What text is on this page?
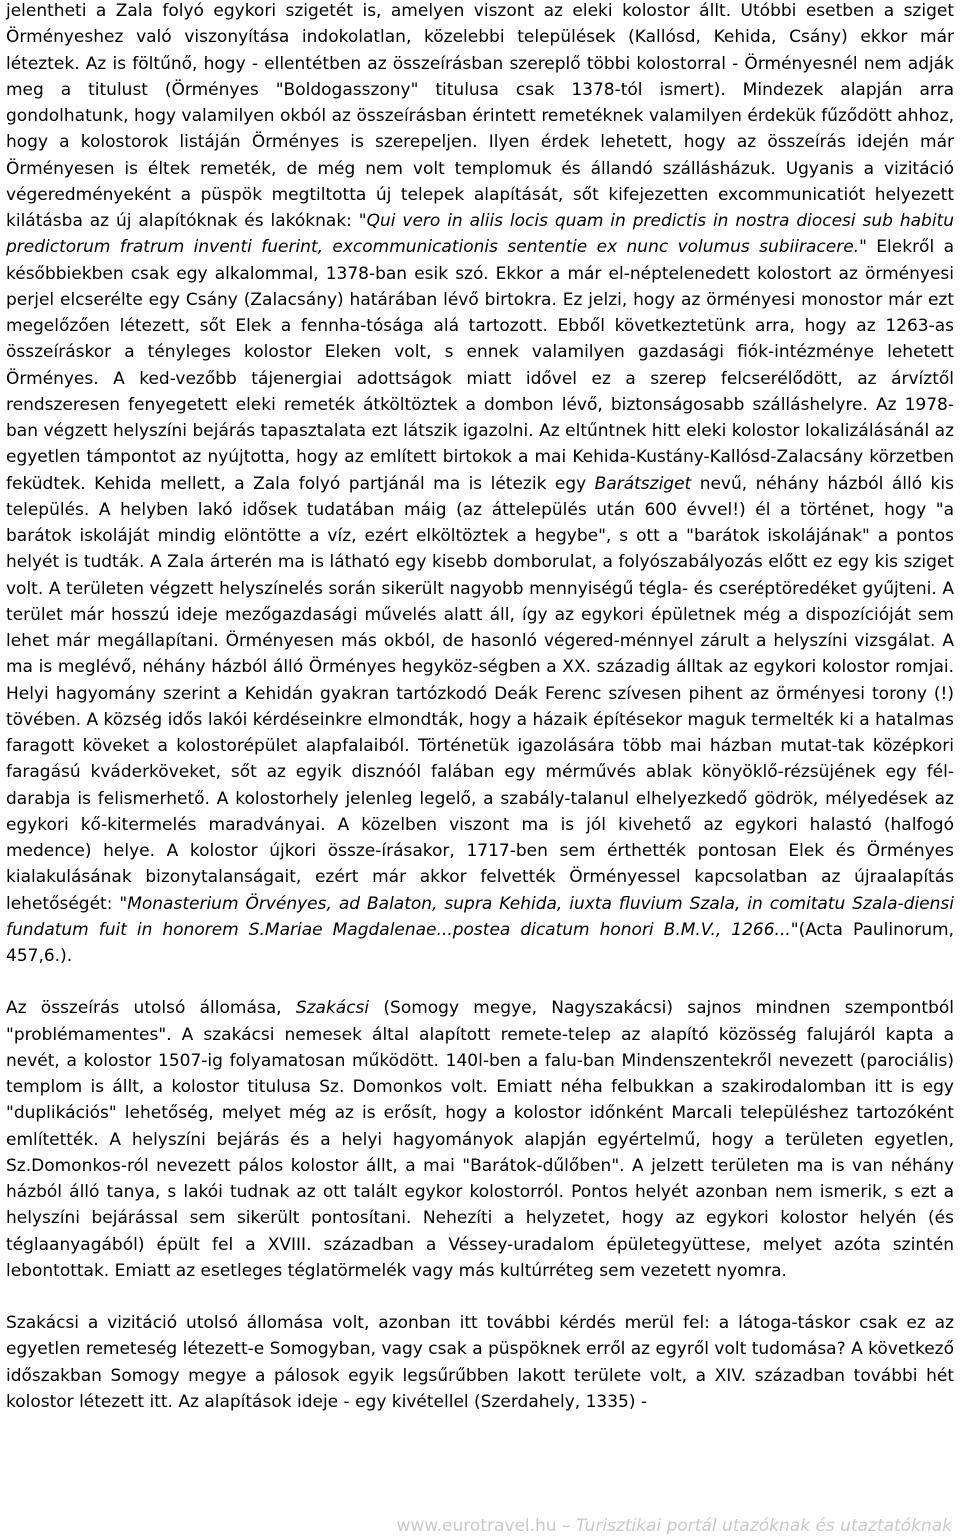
jelentheti a Zala folyó egykori szigetét is, amelyen viszont az eleki kolostor állt. Utóbbi esetben a sziget Örményeshez való viszonyítása indokolatlan, közelebbi települések (Kallósd, Kehida, Csány) ekkor már léteztek. Az is föltűnő, hogy - ellentétben az összeírásban szereplő többi kolostorral - Örményesnél nem adják meg a titulust (Örményes "Boldogasszony" titulusa csak 1378-tól ismert). Mindezek alapján arra gondolhatunk, hogy valamilyen okból az összeírásban érintett remetéknek valamilyen érdekük fűződött ahhoz, hogy a kolostorok listáján Örményes is szerepeljen. Ilyen érdek lehetett, hogy az összeírás idején már Örményesen is éltek remeték, de még nem volt templomuk és állandó szállásházuk. Ugyanis a vizitáció végeredményeként a püspök megtiltotta új telepek alapítását, sőt kifejezetten excommunicatiót helyezett kilátásba az új alapítóknak és lakóknak: "Qui vero in aliis locis quam in predictis in nostra diocesi sub habitu predictorum fratrum inventi fuerint, excommunicationis sententie ex nunc volumus subiiracere." Elekről a későbbiekben csak egy alkalommal, 1378-ban esik szó. Ekkor a már el-néptelenedett kolostort az örményesi perjel elcserélte egy Csány (Zalacsány) határában lévő birtokra. Ez jelzi, hogy az örményesi monostor már ezt megelőzően létezett, sőt Elek a fennha-tósága alá tartozott. Ebből következtetünk arra, hogy az 1263-as összeíráskor a tényleges kolostor Eleken volt, s ennek valamilyen gazdasági fiók-intézménye lehetett Örményes. A ked-vezőbb tájenergiai adottságok miatt idővel ez a szerep felcserélődött, az árvíztől rendszeresen fenyegetett eleki remeték átköltöztek a dombon lévő, biztonságosabb szálláshelyre. Az 1978-ban végzett helyszíni bejárás tapasztalata ezt látszik igazolni. Az eltűntnek hitt eleki kolostor lokalizálásánál az egyetlen támpontot az nyújtotta, hogy az említett birtokok a mai Kehida-Kustány-Kallósd-Zalacsány körzetben feküdtek. Kehida mellett, a Zala folyó partjánál ma is létezik egy Barátsziget nevű, néhány házból álló kis település. A helyben lakó idősek tudatában máig (az áttelepülés után 600 évvel!) él a történet, hogy "a barátok iskoláját mindig elöntötte a víz, ezért elköltöztek a hegybe", s ott a "barátok iskolájának" a pontos helyét is tudták. A Zala árterén ma is látható egy kisebb domborulat, a folyószabályozás előtt ez egy kis sziget volt. A területen végzett helyszínelés során sikerült nagyobb mennyiségű tégla- és cseréptöredéket gyűjteni. A terület már hosszú ideje mezőgazdasági művelés alatt áll, így az egykori épületnek még a dispozícióját sem lehet már megállapítani. Örményesen más okból, de hasonló végered-ménnyel zárult a helyszíni vizsgálat. A ma is meglévő, néhány házból álló Örményes hegyköz-ségben a XX. századig álltak az egykori kolostor romjai. Helyi hagyomány szerint a Kehidán gyakran tartózkodó Deák Ferenc szívesen pihent az örményesi torony (!) tövében. A község idős lakói kérdéseinkre elmondták, hogy a házaik építésekor maguk termelték ki a hatalmas faragott köveket a kolostorépület alapfalaiból. Történetük igazolására több mai házban mutat-tak középkori faragású kváderköveket, sőt az egyik disznóól falában egy mérművés ablak könyöklő-rézsüjének egy fél-darabja is felismerhető. A kolostorhely jelenleg legelő, a szabály-talanul elhelyezkedő gödrök, mélyedések az egykori kő-kitermelés maradványai. A közelben viszont ma is jól kivehető az egykori halastó (halfogó medence) helye. A kolostor újkori össze-írásakor, 1717-ben sem érthették pontosan Elek és Örményes kialakulásának bizonytalanságait, ezért már akkor felvették Örményessel kapcsolatban az újraalapítás lehetőségét: "Monasterium Örvényes, ad Balaton, supra Kehida, iuxta fluvium Szala, in comitatu Szala-diensi fundatum fuit in honorem S.Mariae Magdalenae...postea dicatum honori B.M.V., 1266..."(Acta Paulinorum, 457,6.).

Az összeírás utolsó állomása, Szakácsi (Somogy megye, Nagyszakácsi) sajnos mindnen szempontból "problémamentes". A szakácsi nemesek által alapított remete-telep az alapító közösség falujáról kapta a nevét, a kolostor 1507-ig folyamatosan működött. 140l-ben a falu-ban Mindenszentekről nevezett (parociális) templom is állt, a kolostor titulusa Sz. Domonkos volt. Emiatt néha felbukkan a szakirodalomban itt is egy "duplikációs" lehetőség, melyet még az is erősít, hogy a kolostor időnként Marcali településhez tartozóként említették. A helyszíni bejárás és a helyi hagyományok alapján egyértelmű, hogy a területen egyetlen, Sz.Domonkos-ról nevezett pálos kolostor állt, a mai "Barátok-dűlőben". A jelzett területen ma is van néhány házból álló tanya, s lakói tudnak az ott talált egykor kolostorról. Pontos helyét azonban nem ismerik, s ezt a helyszíni bejárással sem sikerült pontosítani. Nehezíti a helyzetet, hogy az egykori kolostor helyén (és téglaanyagából) épült fel a XVIII. században a Véssey-uradalom épületegyüttese, melyet azóta szintén lebontottak. Emiatt az esetleges téglatörmelék vagy más kultúrréteg sem vezetett nyomra.

Szakácsi a vizitáció utolsó állomása volt, azonban itt további kérdés merül fel: a látoga-táskor csak ez az egyetlen remeteség létezett-e Somogyban, vagy csak a püspöknek erről az egyről volt tudomása? A következő időszakban Somogy megye a pálosok egyik legsűrűbben lakott területe volt, a XIV. században további hét kolostor létezett itt. Az alapítások ideje - egy kivétellel (Szerdahely, 1335) -

www.eurotravel.hu – Turisztikai portál utazóknak és utaztatóknak
